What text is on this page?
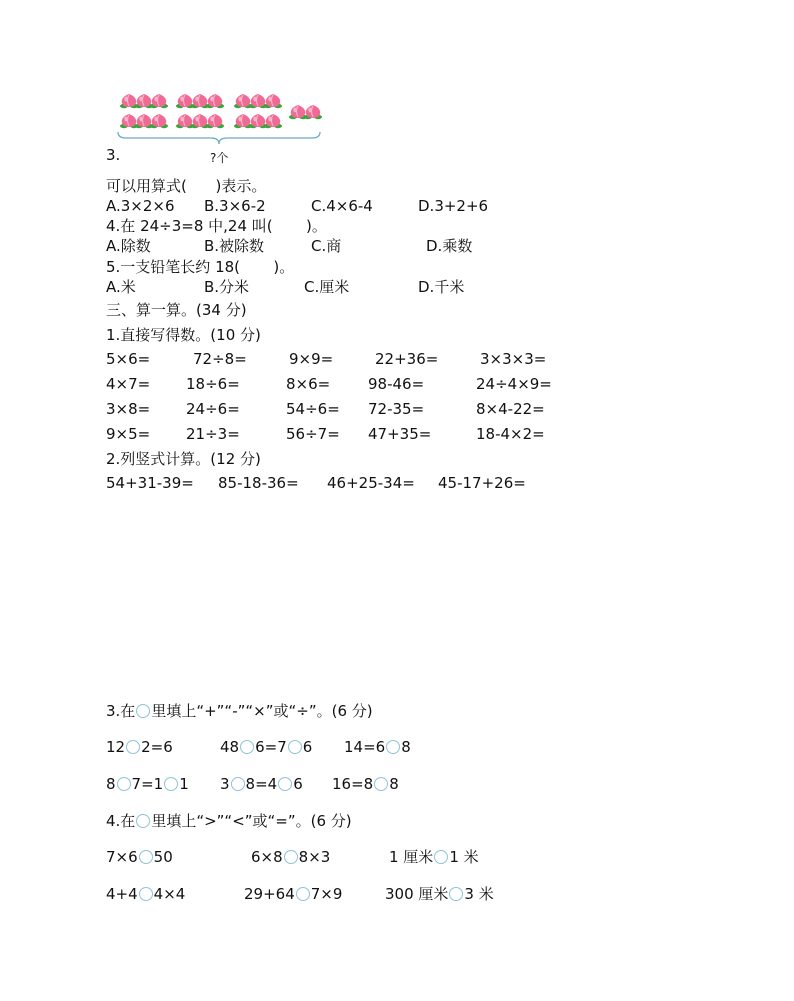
3.	?个
可以用算式(      )表示。
A.3×2×6 B.3×6-2	C.4×6-4	D.3+2+6
4.在 24÷3=8 中,24 叫(       )。
A.除数	B.被除数	C.商	D.乘数
5.一支铅笔长约 18(       )。
A.米	B.分米	C.厘米	D.千米
三、算一算。(34 分)
1.直接写得数。(10 分)
5×6=	72÷8=	9×9=	22+36=	3×3×3=
4×7= 18÷6=	8×6=	98-46=	24÷4×9=
3×8= 24÷6=	54÷6= 72-35=	8×4-22=
9×5= 21÷3=	56÷7= 47+35=	18-4×2=
2.列竖式计算。(12 分)
54+31-39= 85-18-36= 46+25-34= 45-17+26=
3.在 里填上“+”“-”“×”或“÷”。(6 分)
12 2=6	48 6=7 6 14=6 8
8 7=1 1 3 8=4 6 16=8 8
4.在 里填上“>”“<”或“=”。(6 分)
7×6 50	6×8 8×3	1 厘米 1 米
4+4 4×4	29+64 7×9	300 厘米 3 米
